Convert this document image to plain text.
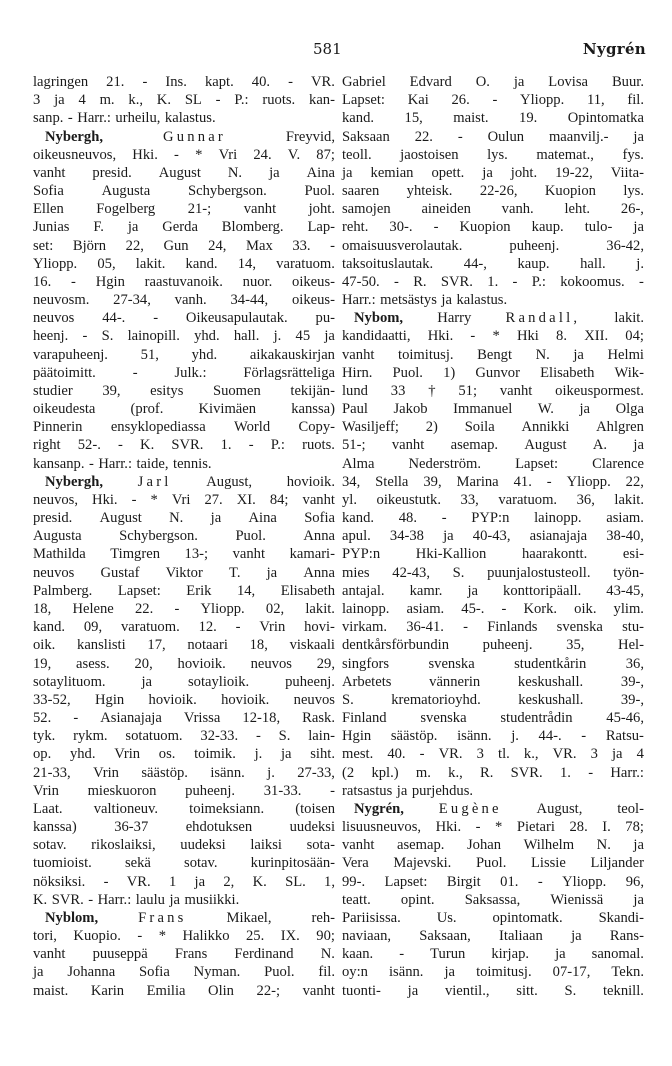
581	Nygrén
lagringen 21. - Ins. kapt. 40. - VR.
3 ja 4 m. k., K. SL - P.: ruots. kan-
sanp. - Harr.: urheilu, kalastus.
Nybergh,	Gunnar	Freyvid,
oikeusneuvos, Hki. - * Vri 24. V. 87;
vanht presid. August N. ja Aina
Sofia	Augusta	Schybergson.	Puol.
Ellen Fogelberg 21-; vanht joht.
Junias F. ja Gerda Blomberg. Lap-
set: Björn 22, Gun 24, Max 33. -
Yliopp. 05, lakit. kand. 14, varatuom.
16. - Hgin raastuvanoik. nuor. oikeus-
neuvosm. 27-34, vanh. 34-44, oikeus-
neuvos 44-. - Oikeusapulautak. pu-
heenj. - S. lainopill. yhd. hall. j. 45 ja
varapuheenj. 51, yhd. aikakauskirjan
päätoimitt.	-	Julk.:	Förlagsrätteliga
studier 39, esitys Suomen tekijän-
oikeudesta (prof. Kivimäen kanssa)
Pinnerin ensyklopediassa World Copy-
right 52-. - K. SVR. 1. - P.: ruots.
kansanp. - Harr.: taide, tennis.
Nybergh, Jarl August, hovioik.
neuvos, Hki. - * Vri 27. XI. 84; vanht
presid. August N. ja Aina Sofia
Augusta	Schybergson.	Puol.	Anna
Mathilda Timgren 13-; vanht kamari-
neuvos Gustaf Viktor T. ja Anna
Palmberg. Lapset: Erik 14, Elisabeth
18, Helene 22. - Yliopp. 02, lakit.
kand. 09, varatuom. 12. - Vrin hovi-
oik. kanslisti 17, notaari 18, viskaali
19, asess. 20, hovioik. neuvos 29,
sotaylituom. ja sotaylioik. puheenj.
33-52, Hgin hovioik. hovioik. neuvos
52. - Asianajaja Vrissa 12-18, Rask.
tyk. rykm. sotatuom. 32-33. - S. lain-
op. yhd. Vrin os. toimik. j. ja siht.
21-33, Vrin säästöp. isänn. j. 27-33,
Vrin mieskuoron puheenj. 31-33. -
Laat. valtioneuv. toimeksiann. (toisen
kanssa)	36-37	ehdotuksen	uudeksi
sotav. rikoslaiksi, uudeksi laiksi sota-
tuomioist. sekä sotav. kurinpitosään-
nöksiksi. - VR. 1 ja 2, K. SL. 1,
K. SVR. - Harr.: laulu ja musiikki.
Nyblom,	Frans	Mikael,	reh-
tori, Kuopio. - * Halikko 25. IX. 90;
vanht puuseppä Frans Ferdinand N.
ja Johanna Sofia Nyman. Puol. fil.
maist. Karin Emilia Olin 22-; vanht
Gabriel Edvard O. ja Lovisa Buur.
Lapset: Kai 26. - Yliopp. 11, fil.
kand. 15, maist. 19. Opintomatka
Saksaan 22. - Oulun maanvilj.- ja
teoll. jaostoisen lys. matemat., fys.
ja kemian opett. ja joht. 19-22, Viita-
saaren yhteisk. 22-26, Kuopion lys.
samojen aineiden vanh. leht. 26-,
reht. 30-. - Kuopion kaup. tulo- ja
omaisuusverolautak.	puheenj.	36-42,
taksoituslautak. 44-, kaup. hall. j.
47-50. - R. SVR. 1. - P.: kokoomus. -
Harr.: metsästys ja kalastus.
Nybom, Harry Randall, lakit.
kandidaatti, Hki. - * Hki 8. XII. 04;
vanht toimitusj. Bengt N. ja Helmi
Hirn. Puol. 1) Gunvor Elisabeth Wik-
lund 33 † 51; vanht oikeuspormest.
Paul Jakob Immanuel W. ja Olga
Wasiljeff; 2) Soila Annikki Ahlgren
51-; vanht asemap. August A. ja
Alma Nederström. Lapset: Clarence
34, Stella 39, Marina 41. - Yliopp. 22,
yl. oikeustutk. 33, varatuom. 36, lakit.
kand. 48. - PYP:n lainopp. asiam.
apul. 34-38 ja 40-43, asianajaja 38-40,
PYP:n Hki-Kallion haarakontt. esi-
mies 42-43, S. puunjalostusteoll. työn-
antajal. kamr. ja konttoripäall. 43-45,
lainopp. asiam. 45-. - Kork. oik. ylim.
virkam. 36-41. - Finlands svenska stu-
dentkårsförbundin puheenj. 35, Hel-
singfors	svenska	studentkårin	36,
Arbetets	vännerin	keskushall.	39-,
S.	krematorioyhd.	keskushall.	39-,
Finland svenska studentrådin 45-46,
Hgin säästöp. isänn. j. 44-. - Ratsu-
mest. 40. - VR. 3 tl. k., VR. 3 ja 4
(2 kpl.) m. k., R. SVR. 1. - Harr.:
ratsastus ja purjehdus.
Nygrén, Eugène August, teol-
lisuusneuvos, Hki. - * Pietari 28. I. 78;
vanht asemap. Johan Wilhelm N. ja
Vera Majevski. Puol. Lissie Liljander
99-. Lapset: Birgit 01. - Yliopp. 96,
teatt. opint. Saksassa, Wienissä ja
Pariisissa. Us. opintomatk. Skandi-
naviaan, Saksaan, Italiaan ja Rans-
kaan. - Turun kirjap. ja sanomal.
oy:n isänn. ja toimitusj. 07-17, Tekn.
tuonti- ja vientil., sitt. S. teknill.
